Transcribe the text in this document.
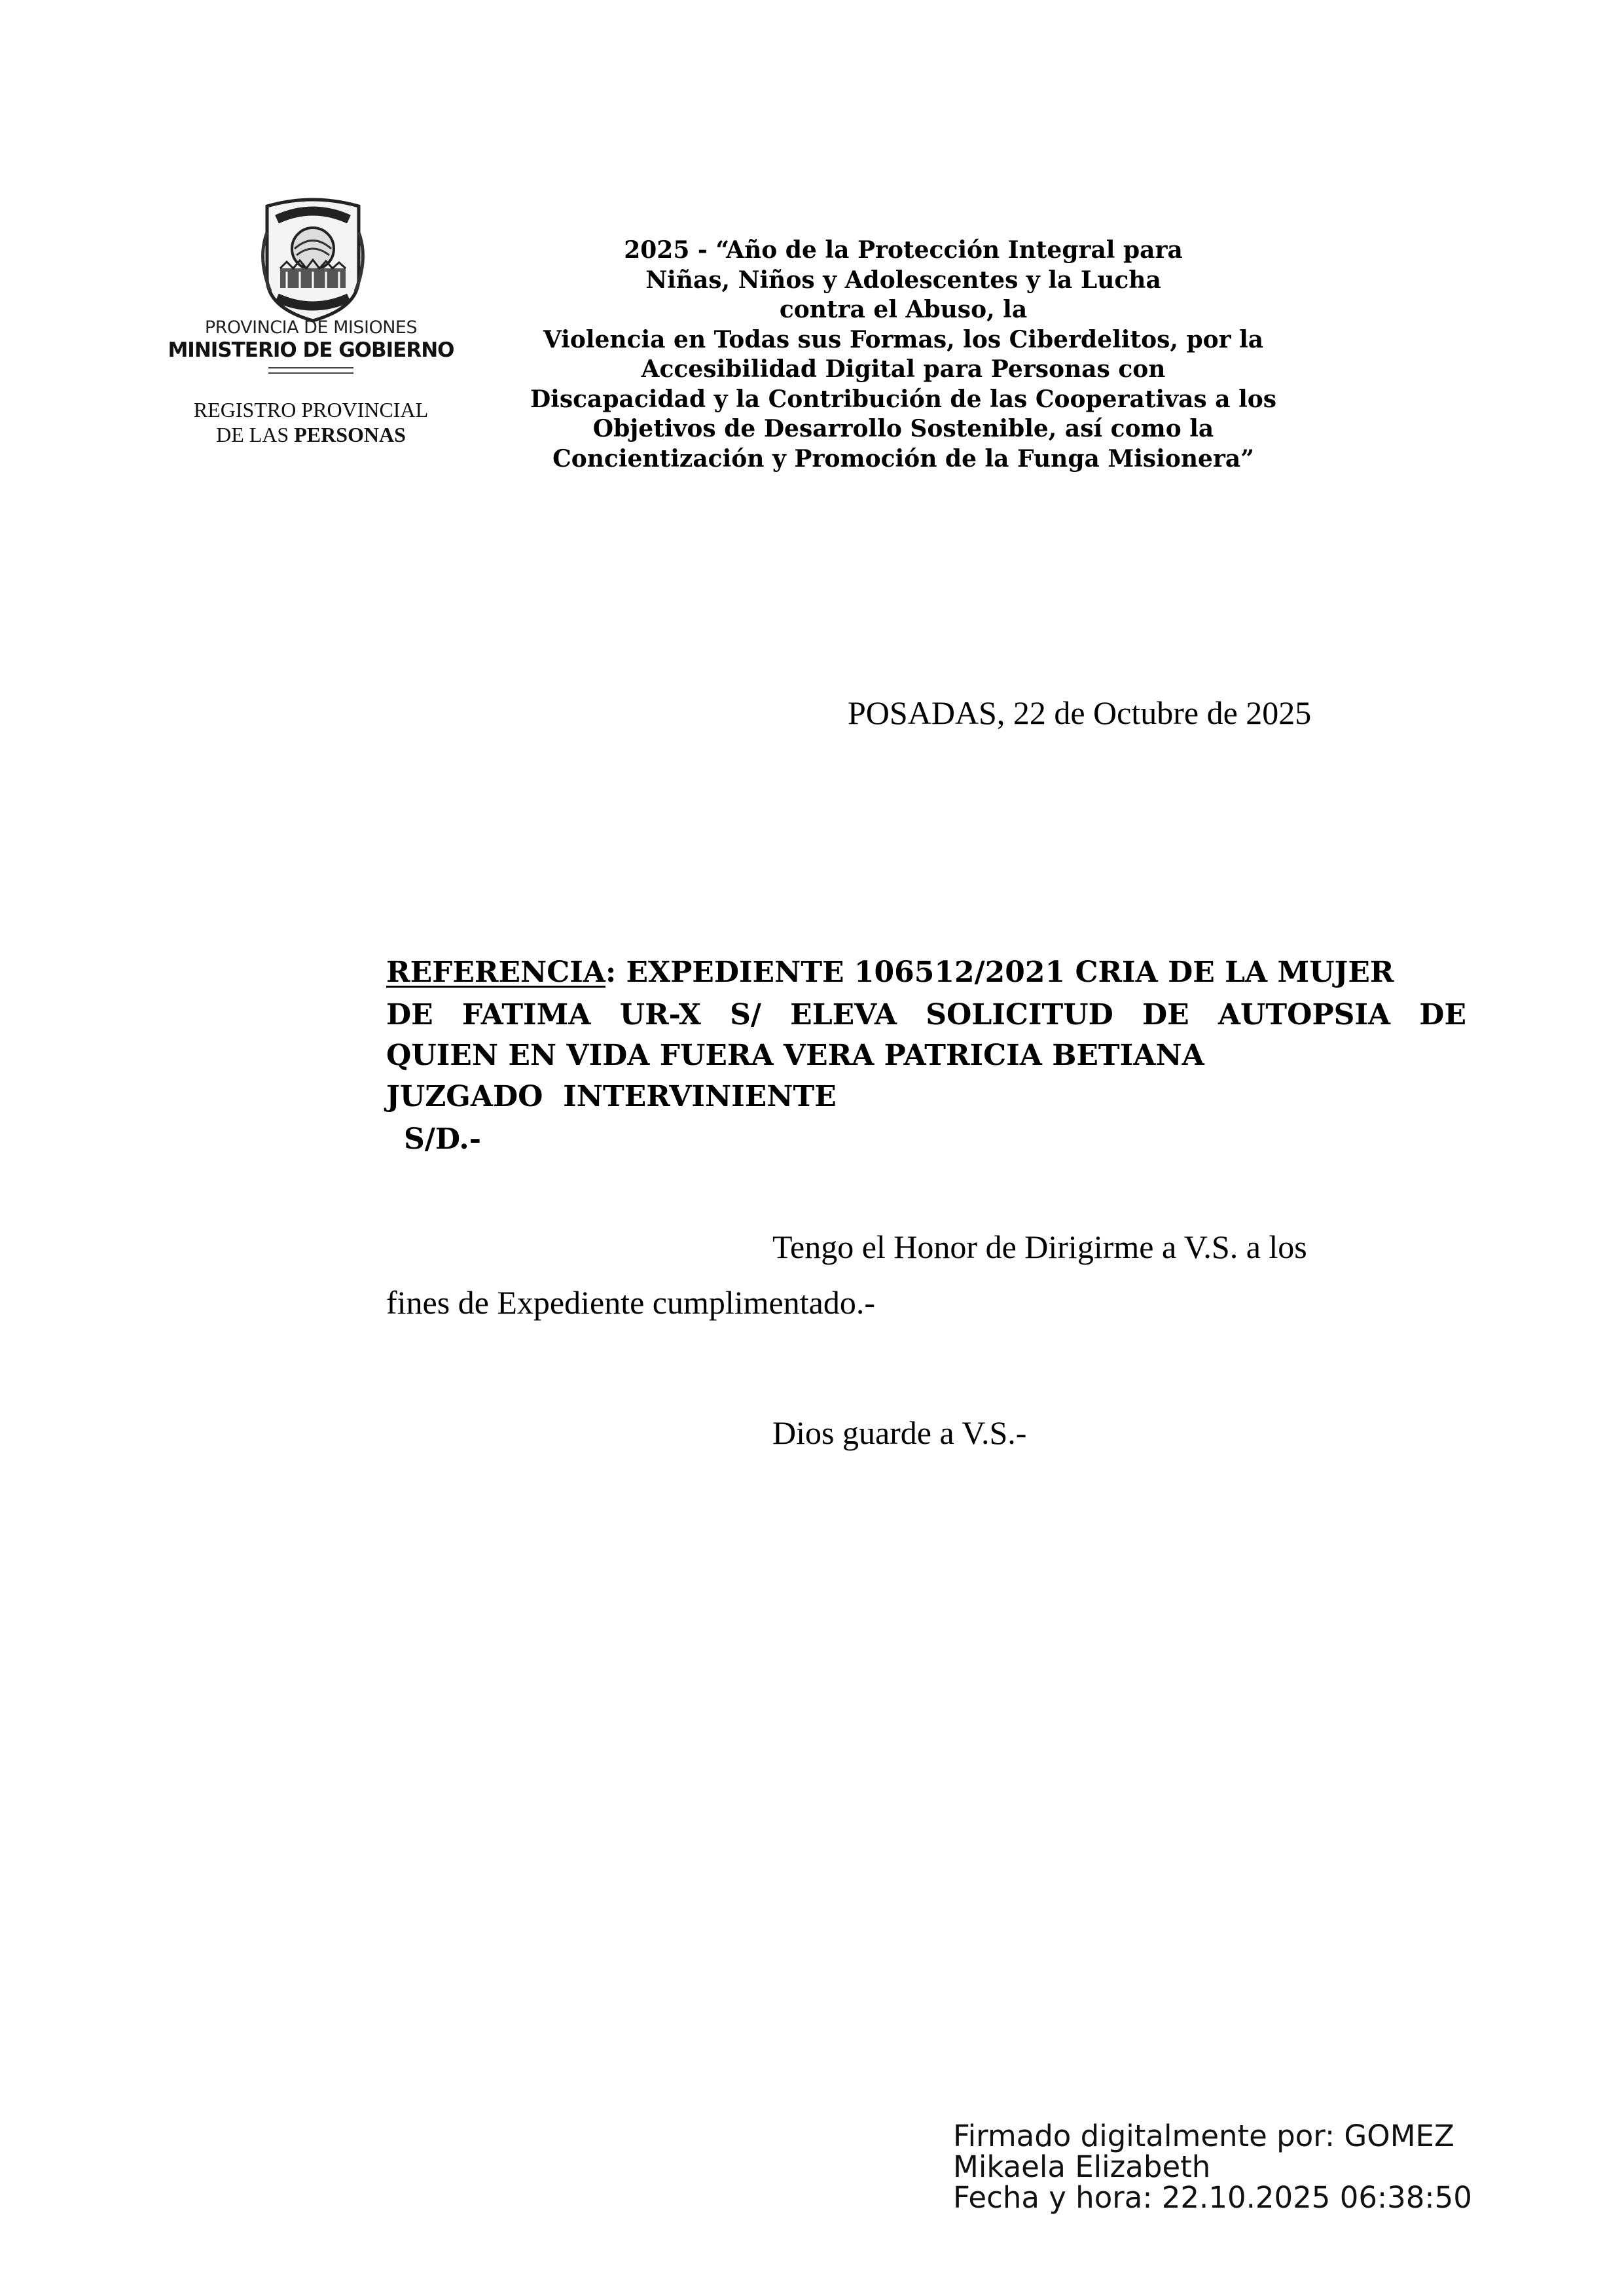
PROVINCIA DE MISIONES
MINISTERIO DE GOBIERNO
REGISTRO PROVINCIAL
DE LAS PERSONAS
2025 - “Año de la Protección Integral para
Niñas, Niños y Adolescentes y la Lucha
contra el Abuso, la
Violencia en Todas sus Formas, los Ciberdelitos, por la
Accesibilidad Digital para Personas con
Discapacidad y la Contribución de las Cooperativas a los
Objetivos de Desarrollo Sostenible, así como la
Concientización y Promoción de la Funga Misionera”
POSADAS, 22 de Octubre de 2025
REFERENCIA: EXPEDIENTE 106512/2021 CRIA DE LA MUJER
DE FATIMA UR-X S/ ELEVA SOLICITUD DE AUTOPSIA DE
QUIEN EN VIDA FUERA VERA PATRICIA BETIANA
JUZGADO  INTERVINIENTE
S/D.-
Tengo el Honor de Dirigirme a V.S. a los
fines de Expediente cumplimentado.-
Dios guarde a V.S.-
Firmado digitalmente por: GOMEZ
Mikaela Elizabeth
Fecha y hora: 22.10.2025 06:38:50
